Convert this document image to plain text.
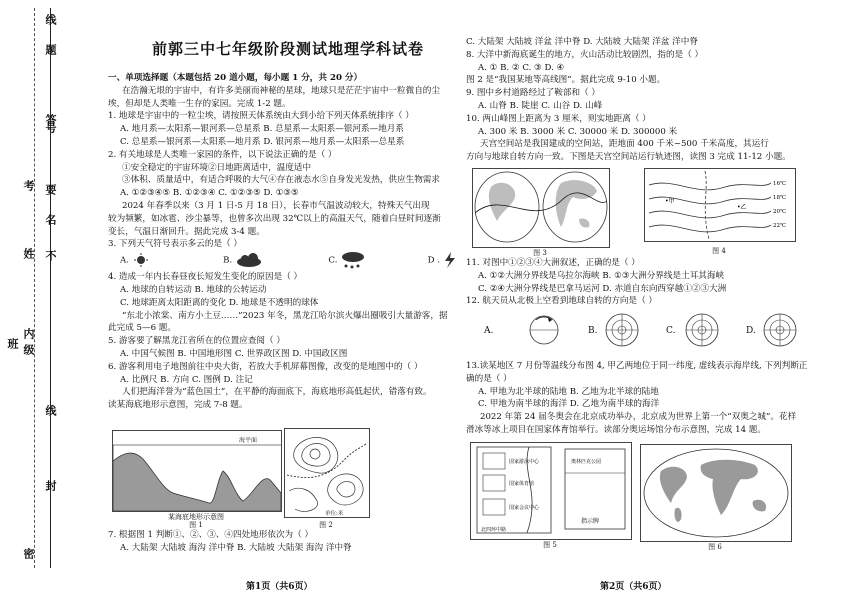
线
号
名
姓 不
内
班
级
线
封
密
答
要
题
考
前郭三中七年级阶段测试地理学科试卷

一、单项选择题（本题包括 20 道小题，每小题 1 分，共 20 分）

在浩瀚无垠的宇宙中，有许多美丽而神秘的星球，地球只是茫茫宇宙中一粒微自的尘

埃，但却是人类唯一生存的家园。完成 1-2 题。

1. 地球是宇宙中的一粒尘埃，请按照天体系统由大到小给下列天体系统排序（ ）

A. 地月系—太阳系—银河系—总星系 B. 总星系—太阳系—银河系—地月系

C. 总星系—银河系—太阳系—地月系 D. 银河系—地月系—太阳系—总星系

2. 有关地球是人类唯一家园的条件，以下说法正确的是（ ）

①安全稳定的宇宙环境②日地距离适中，温度适中

③体积、质量适中，有适合呼吸的大气④存在液态水⑤自身发光发热，供应生物需求

A. ①②③④⑤ B. ①②③④ C. ①②③⑤ D. ①③⑤

2024 年春季以来（3 月 1 日-5 月 18 日），长春市气温波动较大，特殊天气出现

较为频繁，如冰雹、沙尘暴等，也曾多次出现 32℃以上的高温天气，随着白昼时间逐渐

变长，气温日渐回升。据此完成 3-4 题。

3. 下列天气符号表示多云的是（ ）

A.	B.	C.	D .

4. 造成一年内长春昼夜长短发生变化的原因是（ ）

A. 地球的自转运动 B. 地球的公转运动

C. 地球距离太阳距离的变化 D. 地球是不透明的球体

“东北小浓棠、南方小土豆……”2023 年冬，黑龙江哈尔滨火爆出圈吸引大量游客，据

此完成 5—6 题。

5. 游客要了解黑龙江省所在的位置应查阅（ ）

A. 中国气候图 B. 中国地形图 C. 世界政区图 D. 中国政区图

6. 游客利用电子地图前往中央大街，若放大手机屏幕图像，改变的是地图中的（ ）

A. 比例尺 B. 方向 C. 图例 D. 注记

人们把海洋誉为“蓝色国土”，在平静的海面底下，海底地形高低起伏，错落有致。

读某海底地形示意图，完成 7-8 题。

海平面
某海底地形示意图
图 1
单位:米
图 2

7. 根据图 1 判断①、②、③、④四处地形依次为（ ）

A. 大陆架 大陆坡 海沟 洋中脊 B. 大陆坡 大陆架 海沟 洋中脊

第1页（共6页）

C. 大陆架 大陆坡 洋盆 洋中脊 D. 大陆坡 大陆架 洋盆 洋中脊

8. 大洋中新海底诞生的地方，火山活动比较剧烈，指的是（ ）

A. ① B. ② C. ③ D. ④

图 2 是“我国某地等高线图”。据此完成 9-10 小题。

9. 图中乡村道路经过了鞍部和（ ）

A. 山脊 B. 陡崖 C. 山谷 D. 山峰

10. 两山峰图上距离为 3 厘米，则实地距离（ ）

A. 300 米 B. 3000 米 C. 30000 米 D. 300000 米

天宫空间站是我国建成的空间站，距地面 400 千米~500 千米高度，其运行

方向与地球自转方向一致。下图是天宫空间站运行轨迹图，读图 3 完成 11-12 小题。

图 3
•甲
•乙
16℃
18℃
20℃
22℃
图 4

11. 对图中①②③④大洲叙述，正确的是（ ）

A. ①②大洲分界线是乌拉尔海峡 B. ①③大洲分界线是土耳其海峡

C. ②④大洲分界线是巴拿马运河 D. 赤道自东向西穿越①②③大洲

12. 航天员从北极上空看到地球自转的方向是（ ）

A.	B.	C.	D.

13.读某地区 7 月份等温线分布图 4, 甲乙两地位于同一纬度, 虚线表示海岸线, 下列判断正

确的是（ ）

A. 甲地为北半球的陆地 B. 乙地为北半球的陆地

C. 甲地为南半球的海洋 D. 乙地为南半球的海洋

2022 年第 24 届冬奥会在北京成功举办，北京成为世界上第一个“双奥之城”。花样

滑冰等冰上项目在国家体育馆举行。读部分奥运场馆分布示意图，完成 14 题。

国家游泳中心
国家体育馆
国家会议中心
指示牌
奥林匹克公园
北四环中路
图 5	图 6
第2页（共6页）
